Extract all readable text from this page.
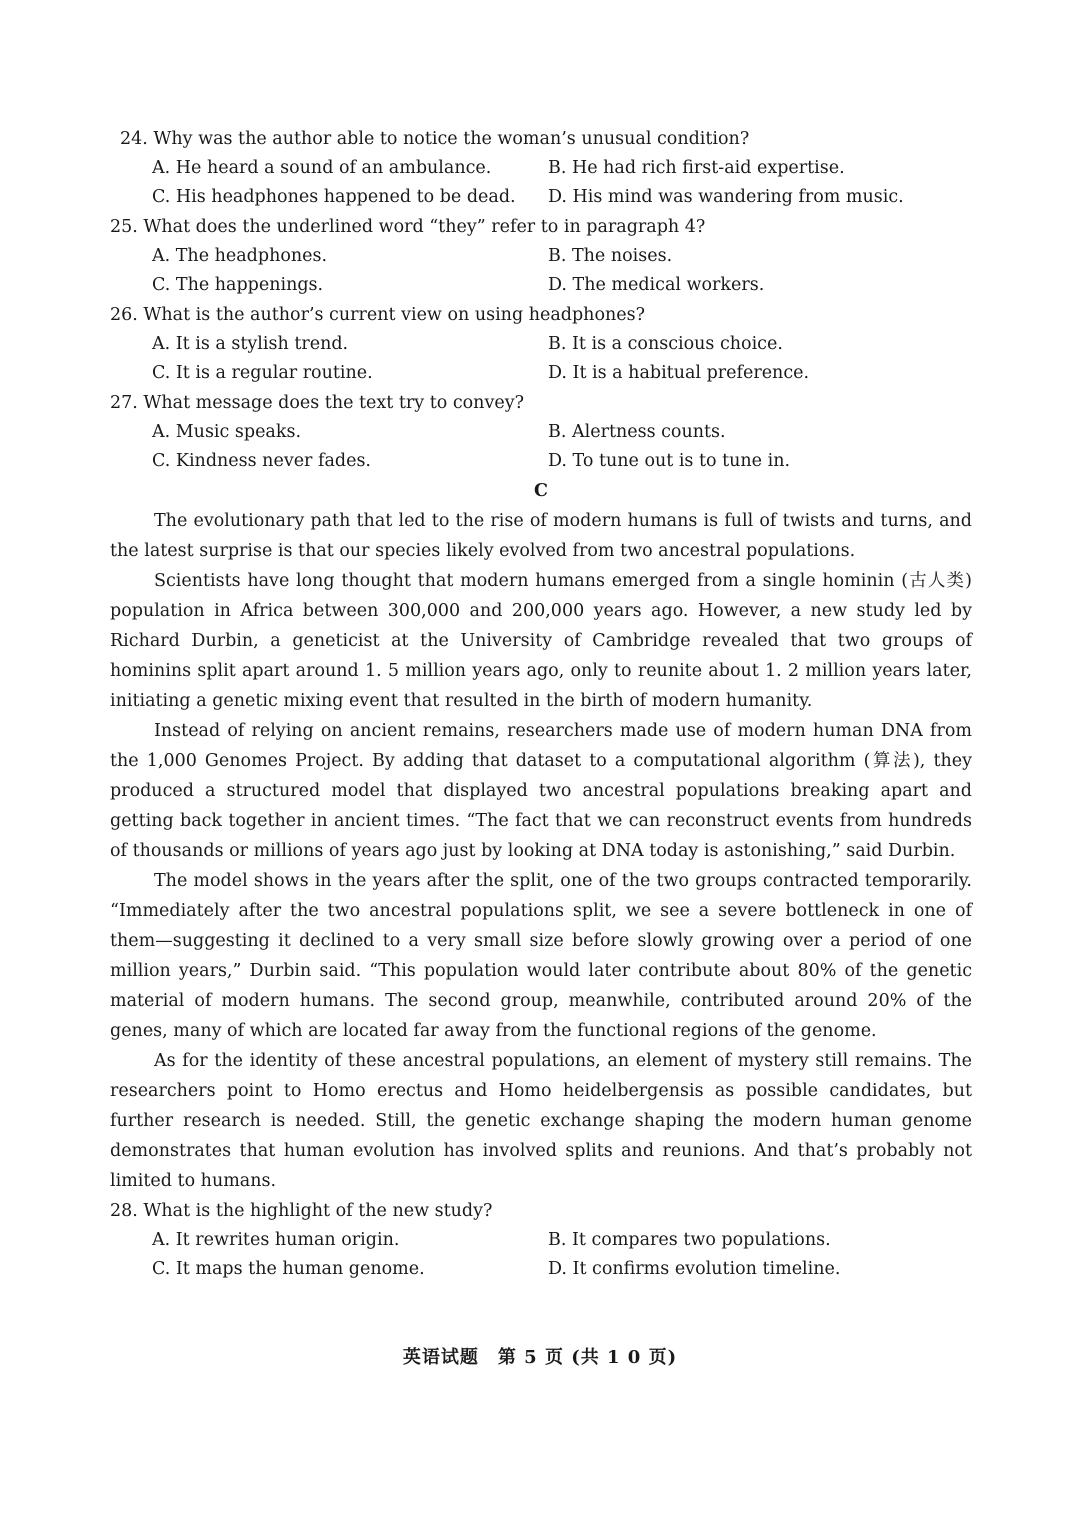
24. Why was the author able to notice the woman’s unusual condition?
A. He heard a sound of an ambulance.	B. He had rich first-aid expertise.
C. His headphones happened to be dead.	D. His mind was wandering from music.
25. What does the underlined word “they” refer to in paragraph 4?
A. The headphones.	B. The noises.
C. The happenings.	D. The medical workers.
26. What is the author’s current view on using headphones?
A. It is a stylish trend.	B. It is a conscious choice.
C. It is a regular routine.	D. It is a habitual preference.
27. What message does the text try to convey?
A. Music speaks.	B. Alertness counts.
C. Kindness never fades.	D. To tune out is to tune in.
C

The evolutionary path that led to the rise of modern humans is full of twists and turns, and the latest surprise is that our species likely evolved from two ancestral populations.

Scientists have long thought that modern humans emerged from a single hominin (古人类) population in Africa between 300,000 and 200,000 years ago. However, a new study led by Richard Durbin, a geneticist at the University of Cambridge revealed that two groups of hominins split apart around 1. 5 million years ago, only to reunite about 1. 2 million years later, initiating a genetic mixing event that resulted in the birth of modern humanity.

Instead of relying on ancient remains, researchers made use of modern human DNA from the 1,000 Genomes Project. By adding that dataset to a computational algorithm (算法), they produced a structured model that displayed two ancestral populations breaking apart and getting back together in ancient times. “The fact that we can reconstruct events from hundreds of thousands or millions of years ago just by looking at DNA today is astonishing,” said Durbin.

The model shows in the years after the split, one of the two groups contracted temporarily. “Immediately after the two ancestral populations split, we see a severe bottleneck in one of them—suggesting it declined to a very small size before slowly growing over a period of one million years,” Durbin said. “This population would later contribute about 80% of the genetic material of modern humans. The second group, meanwhile, contributed around 20% of the genes, many of which are located far away from the functional regions of the genome.

As for the identity of these ancestral populations, an element of mystery still remains. The researchers point to Homo erectus and Homo heidelbergensis as possible candidates, but further research is needed. Still, the genetic exchange shaping the modern human genome demonstrates that human evolution has involved splits and reunions. And that’s probably not limited to humans.

28. What is the highlight of the new study?
A. It rewrites human origin.	B. It compares two populations.
C. It maps the human genome.	D. It confirms evolution timeline.
英语试题　第 5 页 (共 1 0 页)
